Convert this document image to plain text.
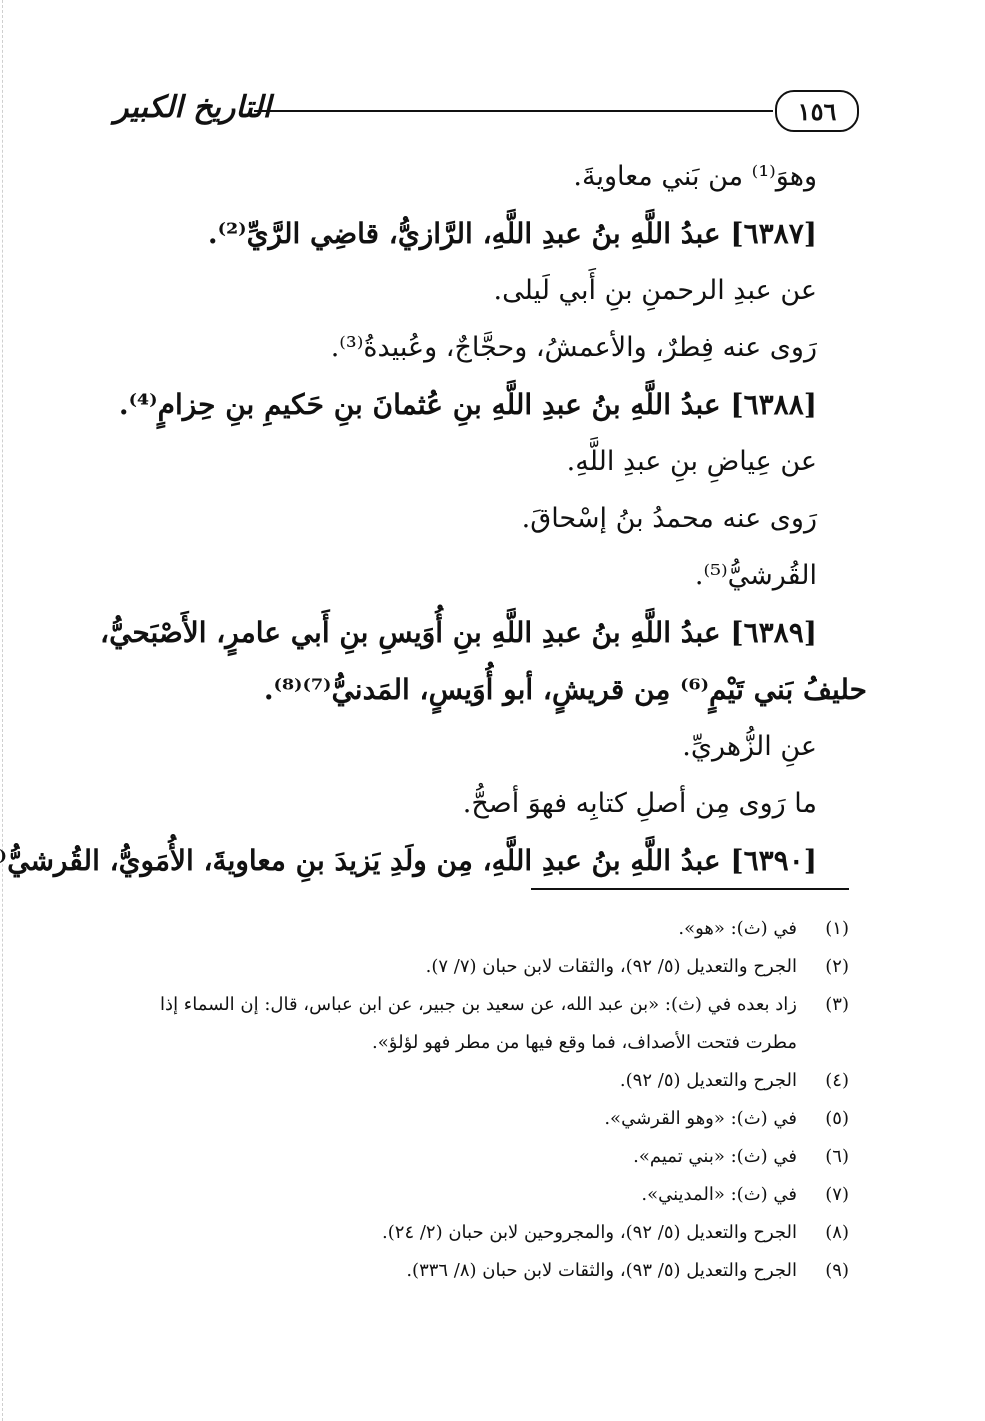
١٥٦
التاريخ الكبير
وهوَ⁽¹⁾ من بَني معاويةَ.
[٦٣٨٧] عبدُ اللَّهِ بنُ عبدِ اللَّهِ، الرَّازيُّ، قاضِي الرَّيِّ⁽²⁾.
عن عبدِ الرحمنِ بنِ أَبي لَيلى.
رَوى عنه فِطرٌ، والأعمشُ، وحجَّاجٌ، وعُبيدةُ⁽³⁾.
[٦٣٨٨] عبدُ اللَّهِ بنُ عبدِ اللَّهِ بنِ عُثمانَ بنِ حَكيمِ بنِ حِزامٍ⁽⁴⁾.
عن عِياضِ بنِ عبدِ اللَّهِ.
رَوى عنه محمدُ بنُ إسْحاقَ.
القُرشيُّ⁽⁵⁾.
[٦٣٨٩] عبدُ اللَّهِ بنُ عبدِ اللَّهِ بنِ أُوَيسِ بنِ أَبي عامرٍ، الأَصْبَحيُّ،
حليفُ بَني تَيْمٍ⁽⁶⁾ مِن قريشٍ، أبو أُوَيسٍ، المَدنيُّ⁽⁷⁾⁽⁸⁾.
عنِ الزُّهريِّ.
ما رَوى مِن أصلِ كتابِه فهوَ أصحُّ.
[٦٣٩٠] عبدُ اللَّهِ بنُ عبدِ اللَّهِ، مِن ولَدِ يَزيدَ بنِ معاويةَ، الأُمَويُّ، القُرشيُّ⁽
(١)
في (ث): «هو».
(٢)
الجرح والتعديل (٥/ ٩٢)، والثقات لابن حبان (٧/ ٧).
(٣)
زاد بعده في (ث): «بن عبد الله، عن سعيد بن جبير، عن ابن عباس، قال: إن السماء إذا
مطرت فتحت الأصداف، فما وقع فيها من مطر فهو لؤلؤ».
(٤)
الجرح والتعديل (٥/ ٩٢).
(٥)
في (ث): «وهو القرشي».
(٦)
في (ث): «بني تميم».
(٧)
في (ث): «المديني».
(٨)
الجرح والتعديل (٥/ ٩٢)، والمجروحين لابن حبان (٢/ ٢٤).
(٩)
الجرح والتعديل (٥/ ٩٣)، والثقات لابن حبان (٨/ ٣٣٦).
